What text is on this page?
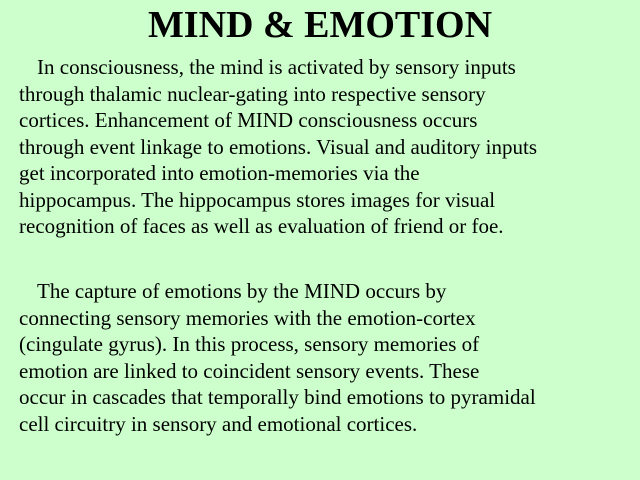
MIND & EMOTION

In consciousness, the mind is activated by sensory inputs
through thalamic nuclear-gating into respective sensory
cortices. Enhancement of MIND consciousness occurs
through event linkage to emotions. Visual and auditory inputs
get incorporated into emotion-memories via the
hippocampus. The hippocampus stores images for visual
recognition of faces as well as evaluation of friend or foe.

The capture of emotions by the MIND occurs by
connecting sensory memories with the emotion-cortex
(cingulate gyrus). In this process, sensory memories of
emotion are linked to coincident sensory events. These
occur in cascades that temporally bind emotions to pyramidal
cell circuitry in sensory and emotional cortices.
